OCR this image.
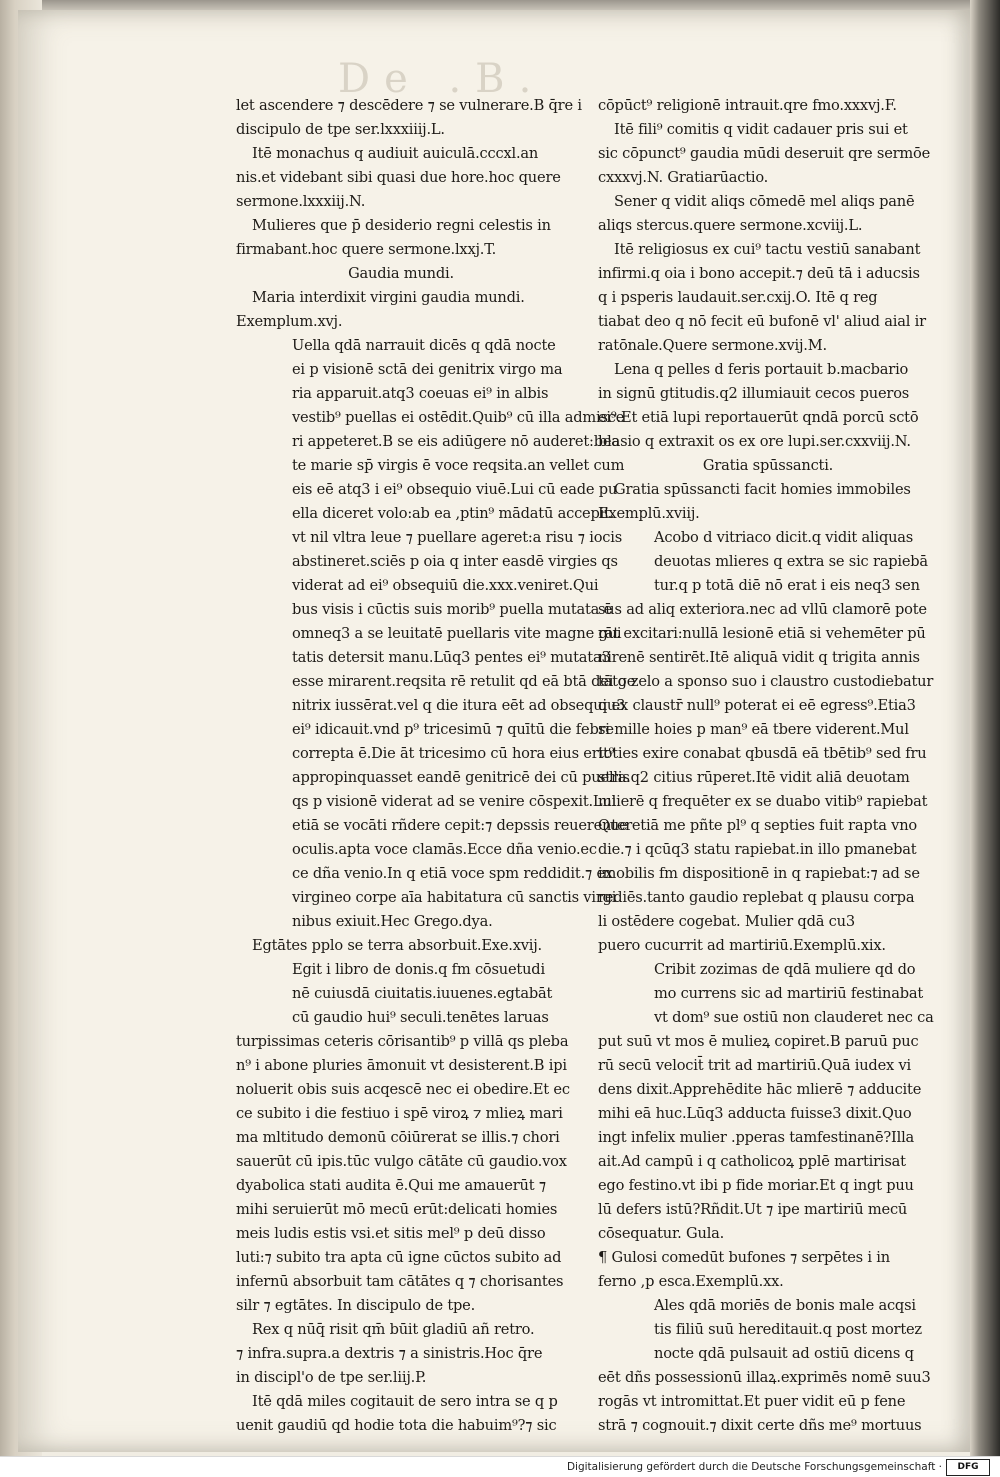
De .B.
let ascendere ⁊ descēdere ⁊ se vulnerare.B q̄re i
discipulo de tpe ser.lxxxiiij.L.
Itē monachus q audiuit auiculā.cccxl.an
nis.et videbant sibi quasi due hore.hoc quere
sermone.lxxxiij.N.
Mulieres que p̄ desiderio regni celestis in
firmabant.hoc quere sermone.lxxj.T.
Gaudia mundi.
Maria interdixit virgini gaudia mundi.
Exemplum.xvj.
Uella qdā narrauit dicēs q qdā nocte
ei p visionē sctā dei genitrix virgo ma
ria apparuit.atq3 coeuas ei⁹ in albis
vestib⁹ puellas ei ostēdit.Quib⁹ cū illa admisce
ri appeteret.B se eis adiūgere nō auderet:bea
te marie sp̄ virgis ē voce reqsita.an vellet cum
eis eē atq3 i ei⁹ obsequio viuē.Lui cū eade pu
ella diceret volo:ab ea ,ptin⁹ mādatū accepit.
vt nil vltra leue ⁊ puellare ageret:a risu ⁊ iocis
abstineret.sciēs p oia q inter easdē virgies qs
viderat ad ei⁹ obsequiū die.xxx.veniret.Qui
bus visis i cūctis suis morib⁹ puella mutata ē
omneq3 a se leuitatē puellaris vite magne gui
tatis detersit manu.Lūq3 pentes ei⁹ mutata3
esse mirarent.reqsita rē retulit qd eā btā dei ge
nitrix iussērat.vel q die itura eēt ad obsequiu3
ei⁹ idicauit.vnd p⁹ tricesimū ⁊ quītū die febre
correpta ē.Die āt tricesimo cū hora eius erit⁹
appropinquasset eandē genitricē dei cū puellis
qs p visionē viderat ad se venire cōspexit.Lui
etiā se vocāti rñdere cepit:⁊ depssis reuerenter
oculis.apta voce clamās.Ecce dña venio.ec
ce dña venio.In q etiā voce spm reddidit.⁊ ex
virgineo corpe aīa habitatura cū sanctis virgi
nibus exiuit.Hec Grego.dya.
Egtātes pplo se terra absorbuit.Exe.xvij.
Egit i libro de donis.q fm cōsuetudi
nē cuiusdā ciuitatis.iuuenes.egtabāt
cū gaudio hui⁹ seculi.tenētes laruas
turpissimas ceteris cōrisantib⁹ p villā qs pleba
n⁹ i abone pluries āmonuit vt desisterent.B ipi
noluerit obis suis acqescē nec ei obedire.Et ec
ce subito i die festiuo i spē viroꝝ ⁊ mlieꝝ mari
ma mltitudo demonū cōiūrerat se illis.⁊ chori
sauerūt cū ipis.tūc vulgo cātāte cū gaudio.vox
dyabolica stati audita ē.Qui me amauerūt ⁊
mihi seruierūt mō mecū erūt:delicati homies
meis ludis estis vsi.et sitis mel⁹ p deū disso
luti:⁊ subito tra apta cū igne cūctos subito ad
infernū absorbuit tam cātātes q ⁊ chorisantes
silr ⁊ egtātes. In discipulo de tpe.
Rex q nūq̄ risit qm̄ būit gladiū añ retro.
⁊ infra.supra.a dextris ⁊ a sinistris.Hoc q̄re
in discipl'o de tpe ser.liij.P.
Itē qdā miles cogitauit de sero intra se q p
uenit gaudiū qd hodie tota die habuim⁹?⁊ sic
cōpūct⁹ religionē intrauit.qre fmo.xxxvj.F.
Itē fili⁹ comitis q vidit cadauer pris sui et
sic cōpunct⁹ gaudia mūdi deseruit qre sermōe
cxxxvj.N. Gratiarūactio.
Sener q vidit aliqs cōmedē mel aliqs panē
aliqs stercus.quere sermone.xcviij.L.
Itē religiosus ex cui⁹ tactu vestiū sanabant
infirmi.q oia i bono accepit.⁊ deū tā i aducsis
q i psperis laudauit.ser.cxij.O. Itē q reg
tiabat deo q nō fecit eū bufonē vl' aliud aial ir
ratōnale.Quere sermone.xvij.M.
Lena q pelles d feris portauit b.macbario
in signū gtitudis.q2 illumiauit cecos pueros
ei⁹.Et etiā lupi reportauerūt qndā porcū sctō
blasio q extraxit os ex ore lupi.ser.cxxviij.N.
Gratia spūssancti.
Gratia spūssancti facit homies immobiles
Exemplū.xviij.
Acobo d vitriaco dicit.q vidit aliquas
deuotas mlieres q extra se sic rapiebā
tur.q p totā diē nō erat i eis neq3 sen
sus ad aliq exteriora.nec ad vllū clamorē pote
rāt excitari:nullā lesionē etiā si vehemēter pū
nirenē sentirēt.Itē aliquā vidit q trigita annis
tāto zelo a sponso suo i claustro custodiebatur
q ex claustr̄ null⁹ poterat ei eē egress⁹.Etia3
si mille hoies p man⁹ eā tbere viderent.Mul
toties exire conabat qbusdā eā tbētib⁹ sed fru
stra.q2 citius rūperet.Itē vidit aliā deuotam
mlierē q frequēter ex se duabo vitib⁹ rapiebat
Que etiā me pñte pl⁹ q septies fuit rapta vno
die.⁊ i qcūq3 statu rapiebat.in illo pmanebat
imobilis fm dispositionē in q rapiebat:⁊ ad se
rediēs.tanto gaudio replebat q plausu corpa
li ostēdere cogebat. Mulier qdā cu3
puero cucurrit ad martiriū.Exemplū.xix.
Cribit zozimas de qdā muliere qd do
mo currens sic ad martiriū festinabat
vt dom⁹ sue ostiū non clauderet nec ca
put suū vt mos ē mulieꝝ copiret.B paruū puc
rū secū velocit̄ trit ad martiriū.Quā iudex vi
dens dixit.Apprehēdite hāc mlierē ⁊ adducite
mihi eā huc.Lūq3 adducta fuisse3 dixit.Quo
ingt infelix mulier .pperas tamfestinanē?Illa
ait.Ad campū i q catholicoꝝ pplē martirisat
ego festino.vt ibi p fide moriar.Et q ingt puu
lū defers istū?Rñdit.Ut ⁊ ipe martiriū mecū
cōsequatur. Gula.
¶ Gulosi comedūt bufones ⁊ serpētes i in
ferno ,p esca.Exemplū.xx.
Ales qdā moriēs de bonis male acqsi
tis filiū suū hereditauit.q post mortez
nocte qdā pulsauit ad ostiū dicens q
eēt dñs possessionū illaꝝ.exprimēs nomē suu3
rogās vt intromittat.Et puer vidit eū p fene
strā ⁊ cognouit.⁊ dixit certe dñs me⁹ mortuus
Digitalisierung gefördert durch die Deutsche Forschungsgemeinschaft ·	DFG
